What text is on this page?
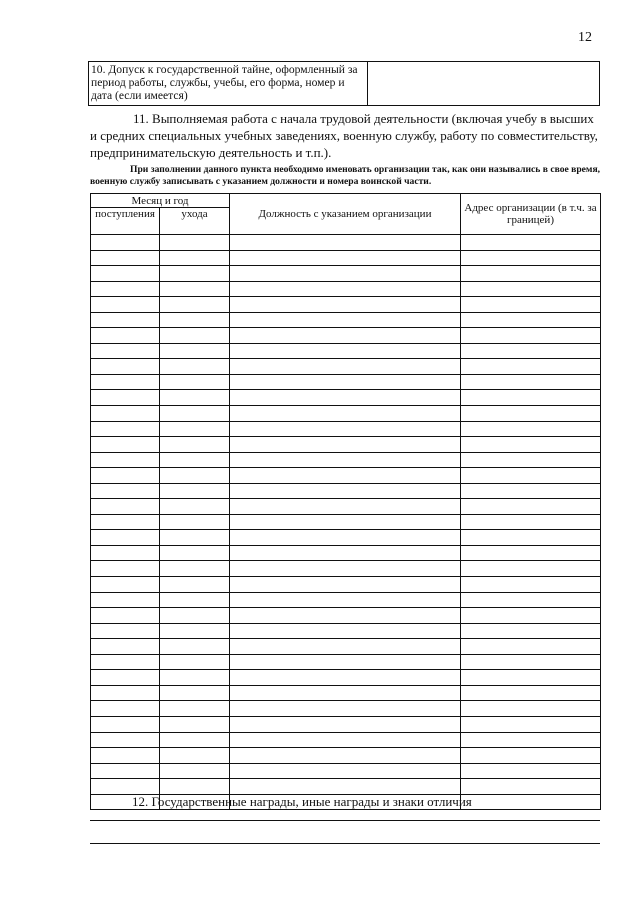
12
10. Допуск к государственной тайне, оформленный за период работы, службы, учебы, его форма, номер и дата (если имеется)
11. Выполняемая работа с начала трудовой деятельности (включая учебу в высших и средних специальных учебных заведениях, военную службу, работу по совместительству, предпринимательскую деятельность и т.п.).
При заполнении данного пункта необходимо именовать организации так, как они назывались в свое время, военную службу записывать с указанием должности и номера воинской части.
Месяц и год		Должность с указанием организации	Адрес организации (в т.ч. за границей)
поступления	ухода		

12. Государственные награды, иные награды и знаки отличия
